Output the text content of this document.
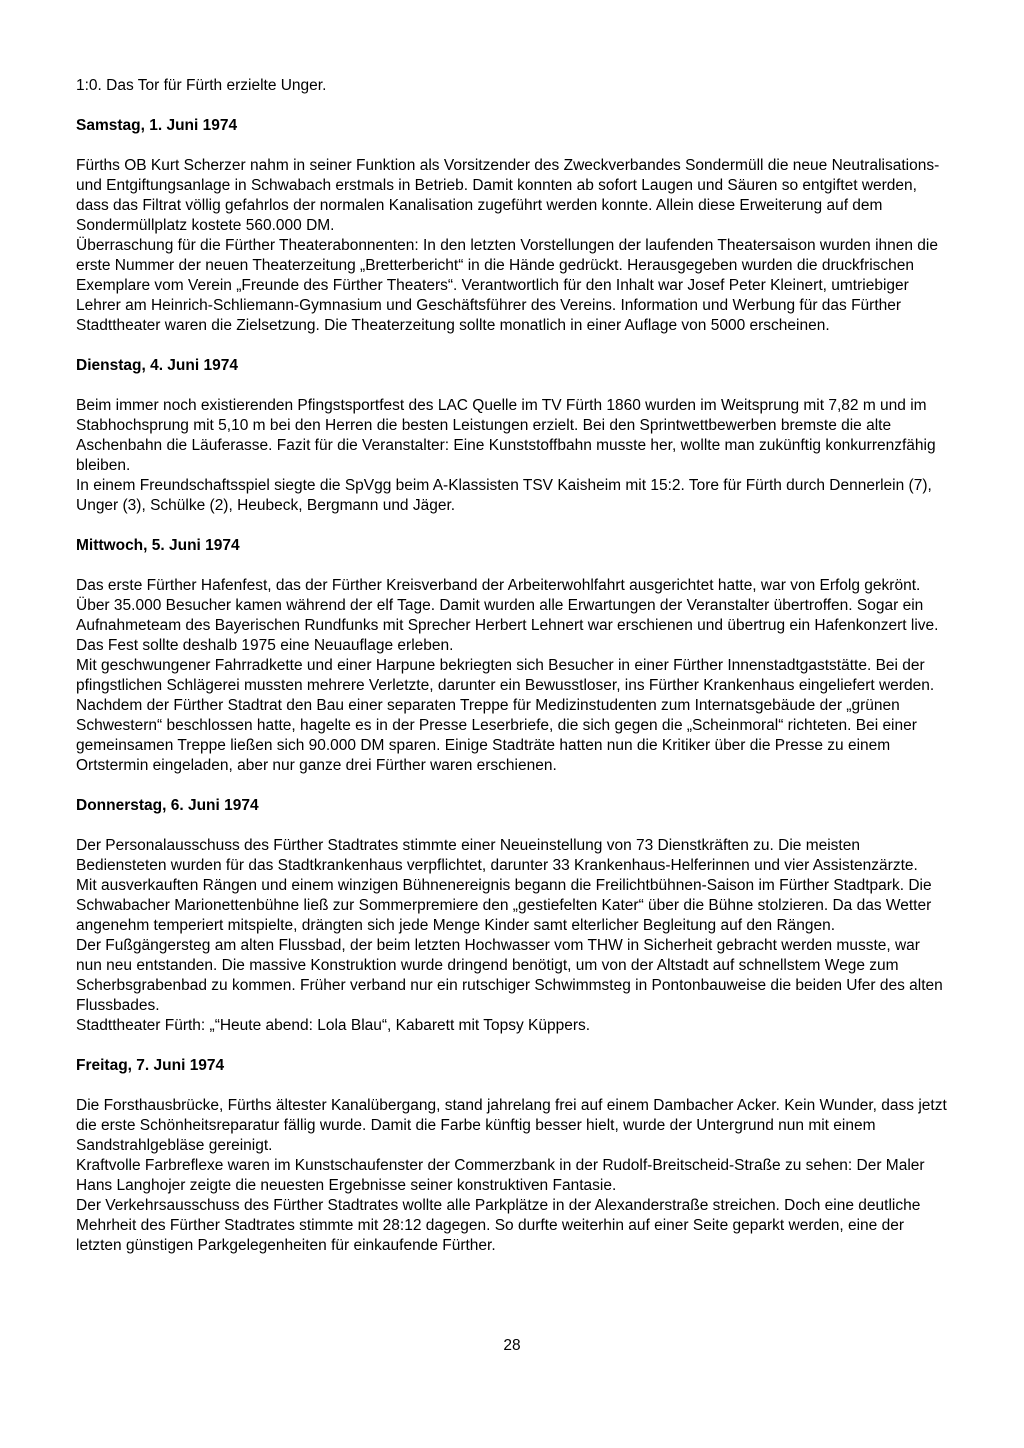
1:0. Das Tor für Fürth erzielte Unger.

Samstag, 1. Juni 1974

Fürths OB Kurt Scherzer nahm in seiner Funktion als Vorsitzender des Zweckverbandes Sondermüll die neue Neutralisations- und Entgiftungsanlage in Schwabach erstmals in Betrieb. Damit konnten ab sofort Laugen und Säuren so entgiftet werden, dass das Filtrat völlig gefahrlos der normalen Kanalisation zugeführt werden konnte. Allein diese Erweiterung auf dem Sondermüllplatz kostete 560.000 DM.

Überraschung für die Fürther Theaterabonnenten: In den letzten Vorstellungen der laufenden Theatersaison wurden ihnen die erste Nummer der neuen Theaterzeitung „Bretterbericht“ in die Hände gedrückt. Herausgegeben wurden die druckfrischen Exemplare vom Verein „Freunde des Fürther Theaters“. Verantwortlich für den Inhalt war Josef Peter Kleinert, umtriebiger Lehrer am Heinrich-Schliemann-Gymnasium und Geschäftsführer des Vereins. Information und Werbung für das Fürther Stadttheater waren die Zielsetzung. Die Theaterzeitung sollte monatlich in einer Auflage von 5000 erscheinen.

Dienstag, 4. Juni 1974

Beim immer noch existierenden Pfingstsportfest des LAC Quelle im TV Fürth 1860 wurden im Weitsprung mit 7,82 m und im Stabhochsprung mit 5,10 m bei den Herren die besten Leistungen erzielt. Bei den Sprintwettbewerben bremste die alte Aschenbahn die Läuferasse. Fazit für die Veranstalter: Eine Kunststoffbahn musste her, wollte man zukünftig konkurrenzfähig bleiben.

In einem Freundschaftsspiel siegte die SpVgg beim A-Klassisten TSV Kaisheim mit 15:2. Tore für Fürth durch Dennerlein (7), Unger (3), Schülke (2), Heubeck, Bergmann und Jäger.

Mittwoch, 5. Juni 1974

Das erste Fürther Hafenfest, das der Fürther Kreisverband der Arbeiterwohlfahrt ausgerichtet hatte, war von Erfolg gekrönt. Über 35.000 Besucher kamen während der elf Tage. Damit wurden alle Erwartungen der Veranstalter übertroffen. Sogar ein Aufnahmeteam des Bayerischen Rundfunks mit Sprecher Herbert Lehnert war erschienen und übertrug ein Hafenkonzert live. Das Fest sollte deshalb 1975 eine Neuauflage erleben.

Mit geschwungener Fahrradkette und einer Harpune bekriegten sich Besucher in einer Fürther Innenstadtgaststätte. Bei der pfingstlichen Schlägerei mussten mehrere Verletzte, darunter ein Bewusstloser, ins Fürther Krankenhaus eingeliefert werden.

Nachdem der Fürther Stadtrat den Bau einer separaten Treppe für Medizinstudenten zum Internatsgebäude der „grünen Schwestern“ beschlossen hatte, hagelte es in der Presse Leserbriefe, die sich gegen die „Scheinmoral“ richteten. Bei einer gemeinsamen Treppe ließen sich 90.000 DM sparen. Einige Stadträte hatten nun die Kritiker über die Presse zu einem Ortstermin eingeladen, aber nur ganze drei Fürther waren erschienen.

Donnerstag, 6. Juni 1974

Der Personalausschuss des Fürther Stadtrates stimmte einer Neueinstellung von 73 Dienstkräften zu. Die meisten Bediensteten wurden für das Stadtkrankenhaus verpflichtet, darunter 33 Krankenhaus-Helferinnen und vier Assistenzärzte.

Mit ausverkauften Rängen und einem winzigen Bühnenereignis begann die Freilichtbühnen-Saison im Fürther Stadtpark. Die Schwabacher Marionettenbühne ließ zur Sommerpremiere den „gestiefelten Kater“ über die Bühne stolzieren. Da das Wetter angenehm temperiert mitspielte, drängten sich jede Menge Kinder samt elterlicher Begleitung auf den Rängen.

Der Fußgängersteg am alten Flussbad, der beim letzten Hochwasser vom THW in Sicherheit gebracht werden musste, war nun neu entstanden. Die massive Konstruktion wurde dringend benötigt, um von der Altstadt auf schnellstem Wege zum Scherbsgrabenbad zu kommen. Früher verband nur ein rutschiger Schwimmsteg in Pontonbauweise die beiden Ufer des alten Flussbades.

Stadttheater Fürth: „“Heute abend: Lola Blau“, Kabarett mit Topsy Küppers.

Freitag, 7. Juni 1974

Die Forsthausbrücke, Fürths ältester Kanalübergang, stand jahrelang frei auf einem Dambacher Acker. Kein Wunder, dass jetzt die erste Schönheitsreparatur fällig wurde. Damit die Farbe künftig besser hielt, wurde der Untergrund nun mit einem Sandstrahlgebläse gereinigt.

Kraftvolle Farbreflexe waren im Kunstschaufenster der Commerzbank in der Rudolf-Breitscheid-Straße zu sehen: Der Maler Hans Langhojer zeigte die neuesten Ergebnisse seiner konstruktiven Fantasie.

Der Verkehrsausschuss des Fürther Stadtrates wollte alle Parkplätze in der Alexanderstraße streichen. Doch eine deutliche Mehrheit des Fürther Stadtrates stimmte mit 28:12 dagegen. So durfte weiterhin auf einer Seite geparkt werden, eine der letzten günstigen Parkgelegenheiten für einkaufende Fürther.

28
